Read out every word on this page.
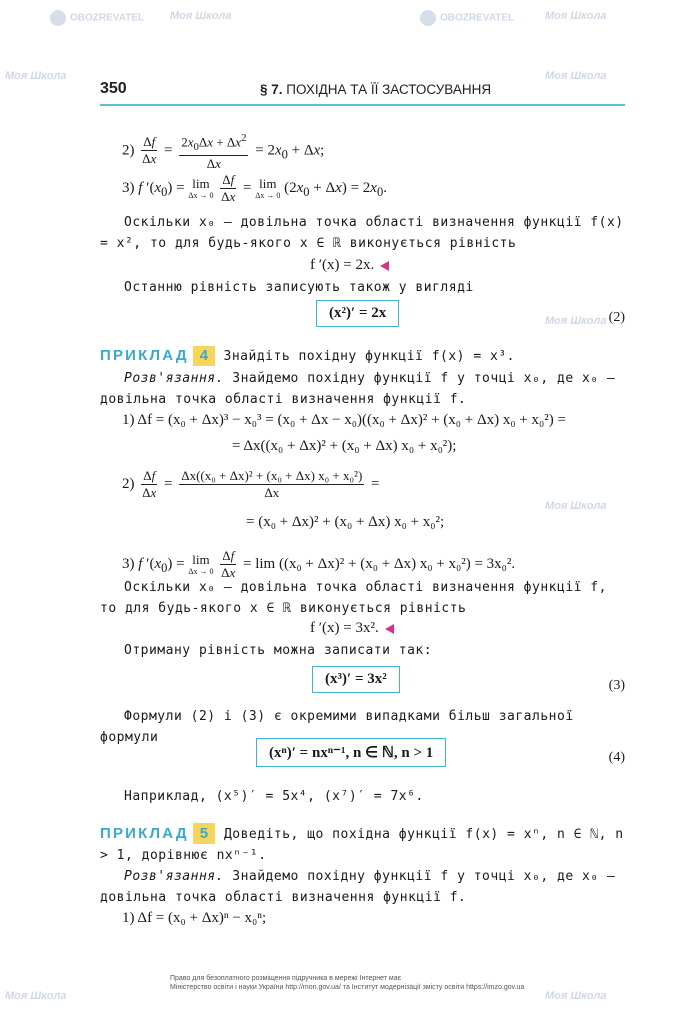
Моя Школа
OBOZREVATEL	OBOZREVATEL	Моя Школа
Моя Школа	Моя Школа
Моя Школа
Моя Школа
Моя Школа	Моя Школа
350	§ 7. ПОХІДНА ТА ЇЇ ЗАСТОСУВАННЯ
$2) \frac{\Delta f}{\Delta x} = \frac{2x_0\Delta x + \Delta x^2}{\Delta x} = 2x_0 + \Delta x$;
3) f $'(x_0) = \lim$
Δx → 0
$\frac{\Delta f}{\Delta x} = \lim$
Δx → 0 $(2x_0 + \Delta x) = 2x_0$.
Оскільки x₀ — довільна точка області визначення функції f(x) = x², то для будь-якого x ∈ ℝ виконується рівність
f ′(x) = 2x.
Останню рівність записують також у вигляді
(x²)′ = 2x	(2)
ПРИКЛАД 4 Знайдіть похідну функції f(x) = x³.
Розв'язання. Знайдемо похідну функції f у точці x₀, де x₀ — довільна точка області визначення функції f.
1) Δf = (x₀ + Δx)³ − x₀³ = (x₀ + Δx − x₀)((x₀ + Δx)² + (x₀ + Δx) x₀ + x₀²) =
= Δx((x₀ + Δx)² + (x₀ + Δx) x₀ + x₀²);
$2) \frac{\Delta f}{\Delta x} = \frac{\text{Δx((x₀ + Δx)² + (x₀ + Δx) x₀ + x₀²)}}{\Delta x}$ =
= (x₀ + Δx)² + (x₀ + Δx) x₀ + x₀²;
3) f $'(x_0) = \lim$
Δx → 0
$\frac{\Delta f}{\Delta x} = \lim ((x_0 + \Delta x)^2 + (x_0 + \Delta x) x_0 + x_0^2) = 3x_0^2$.
Оскільки x₀ — довільна точка області визначення функції f, то для будь-якого x ∈ ℝ виконується рівність
f ′(x) = 3x².
Отриману рівність можна записати так:
(x³)′ = 3x²	(3)
Формули (2) і (3) є окремими випадками більш загальної формули
(xⁿ)′ = nxⁿ⁻¹, n ∈ ℕ, n > 1	(4)
Наприклад, (x⁵)′ = 5x⁴, (x⁷)′ = 7x⁶.
ПРИКЛАД 5 Доведіть, що похідна функції f(x) = xⁿ, n ∈ ℕ, n > 1, дорівнює nxⁿ⁻¹.
Розв'язання. Знайдемо похідну функції f у точці x₀, де x₀ — довільна точка області визначення функції f.
1) Δf = (x₀ + Δx)ⁿ − x₀ⁿ;
Право для безоплатного розміщення підручника в мережі Інтернет має
Міністерство освіти і науки України http://mon.gov.ua/ та Інститут модернізації змісту освіти https://imzo.gov.ua
